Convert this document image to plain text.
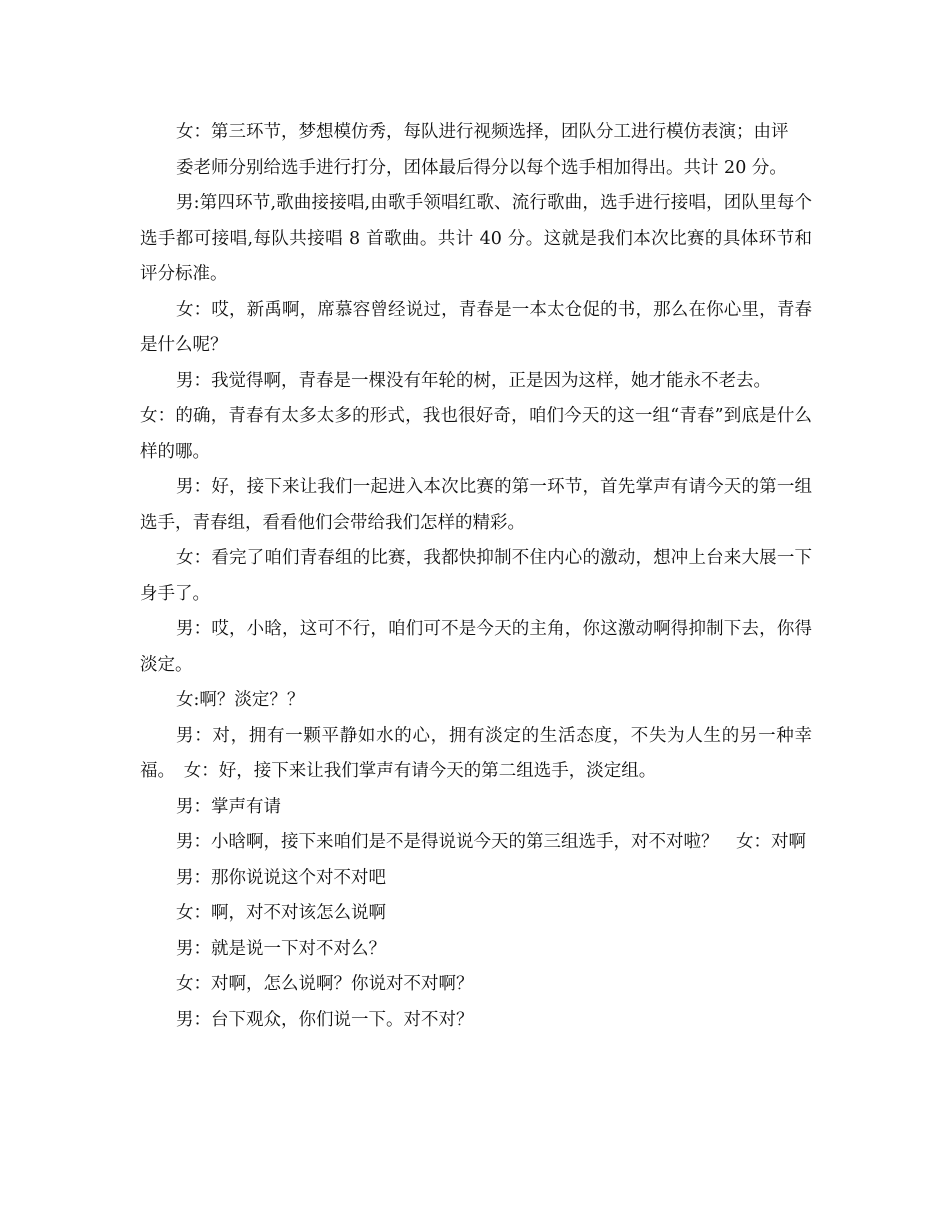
女：第三环节，梦想模仿秀，每队进行视频选择，团队分工进行模仿表演；由评

委老师分别给选手进行打分，团体最后得分以每个选手相加得出。共计 20 分。

男:第四环节,歌曲接接唱,由歌手领唱红歌、流行歌曲，选手进行接唱，团队里每个选手都可接唱,每队共接唱 8 首歌曲。共计 40 分。这就是我们本次比赛的具体环节和评分标准。

女：哎，新禹啊，席慕容曾经说过，青春是一本太仓促的书，那么在你心里，青春是什么呢？

男：我觉得啊，青春是一棵没有年轮的树，正是因为这样，她才能永不老去。

女：的确，青春有太多太多的形式，我也很好奇，咱们今天的这一组“青春”到底是什么样的哪。

男：好，接下来让我们一起进入本次比赛的第一环节，首先掌声有请今天的第一组选手，青春组，看看他们会带给我们怎样的精彩。

女：看完了咱们青春组的比赛，我都快抑制不住内心的激动，想冲上台来大展一下身手了。

男：哎，小晗，这可不行，咱们可不是今天的主角，你这激动啊得抑制下去，你得淡定。

女:啊？淡定？？

男：对，拥有一颗平静如水的心，拥有淡定的生活态度，不失为人生的另一种幸福。　女：好，接下来让我们掌声有请今天的第二组选手，淡定组。

男：掌声有请

男：小晗啊，接下来咱们是不是得说说今天的第三组选手，对不对啦？　女：对啊

男：那你说说这个对不对吧

女：啊，对不对该怎么说啊

男：就是说一下对不对么？

女：对啊，怎么说啊？你说对不对啊？

男：台下观众，你们说一下。对不对？
